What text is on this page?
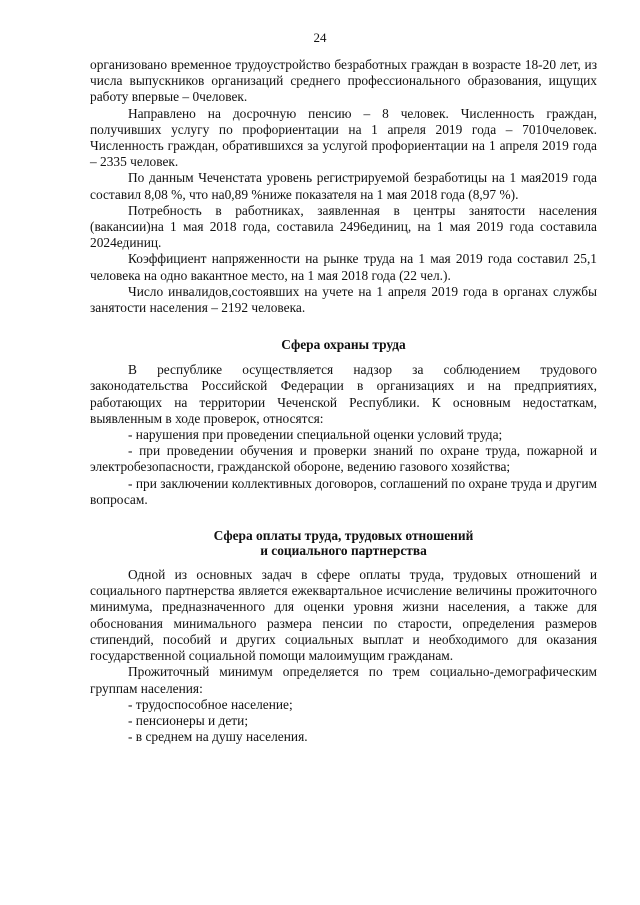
24

организовано временное трудоустройство безработных граждан в возрасте 18-20 лет, из числа выпускников организаций среднего профессионального образования, ищущих работу впервые – 0человек.

Направлено на досрочную пенсию – 8 человек. Численность граждан, получивших услугу по профориентации на 1 апреля 2019 года – 7010человек. Численность граждан, обратившихся за услугой профориентации на 1 апреля 2019 года – 2335 человек.

По данным Чеченстата уровень регистрируемой безработицы на 1 мая2019 года составил 8,08 %, что на0,89 %ниже показателя на 1 мая 2018 года (8,97 %).

Потребность в работниках, заявленная в центры занятости населения (вакансии)на 1 мая 2018 года, составила 2496единиц, на 1 мая 2019 года составила 2024единиц.

Коэффициент напряженности на рынке труда на 1 мая 2019 года составил 25,1 человека на одно вакантное место, на 1 мая 2018 года (22 чел.).

Число инвалидов,состоявших на учете на 1 апреля 2019 года в органах службы занятости населения – 2192 человека.

Сфера охраны труда

В республике осуществляется надзор за соблюдением трудового законодательства Российской Федерации в организациях и на предприятиях, работающих на территории Чеченской Республики. К основным недостаткам, выявленным в ходе проверок, относятся:

- нарушения при проведении специальной оценки условий труда;

- при проведении обучения и проверки знаний по охране труда, пожарной и электробезопасности, гражданской обороне, ведению газового хозяйства;

- при заключении коллективных договоров, соглашений по охране труда и другим вопросам.

Сфера оплаты труда, трудовых отношений
и социального партнерства

Одной из основных задач в сфере оплаты труда, трудовых отношений и социального партнерства является ежеквартальное исчисление величины прожиточного минимума, предназначенного для оценки уровня жизни населения, а также для обоснования минимального размера пенсии по старости, определения размеров стипендий, пособий и других социальных выплат и необходимого для оказания государственной социальной помощи малоимущим гражданам.

Прожиточный минимум определяется по трем социально-демографическим группам населения:

- трудоспособное население;

- пенсионеры и дети;

- в среднем на душу населения.
